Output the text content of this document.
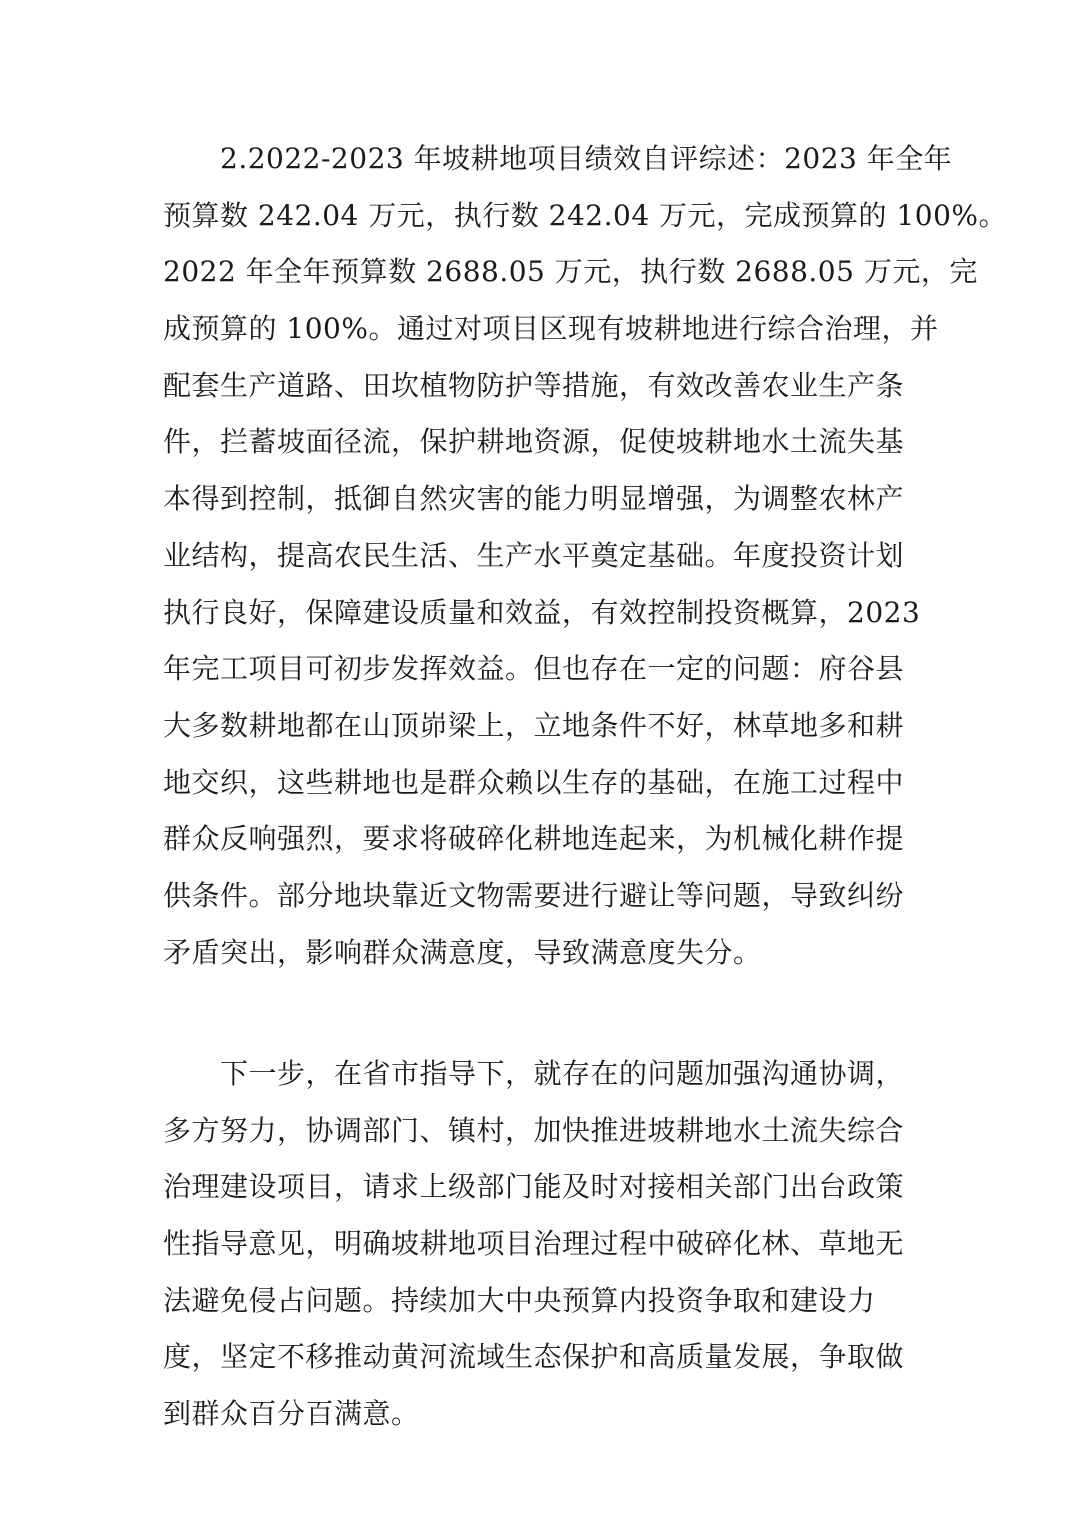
　　2.2022-2023 年坡耕地项目绩效自评综述：2023 年全年
预算数 242.04 万元，执行数 242.04 万元，完成预算的 100%。
2022 年全年预算数 2688.05 万元，执行数 2688.05 万元，完
成预算的 100%。通过对项目区现有坡耕地进行综合治理，并
配套生产道路、田坎植物防护等措施，有效改善农业生产条
件，拦蓄坡面径流，保护耕地资源，促使坡耕地水土流失基
本得到控制，抵御自然灾害的能力明显增强，为调整农林产
业结构，提高农民生活、生产水平奠定基础。年度投资计划
执行良好，保障建设质量和效益，有效控制投资概算，2023
年完工项目可初步发挥效益。但也存在一定的问题：府谷县
大多数耕地都在山顶峁梁上，立地条件不好，林草地多和耕
地交织，这些耕地也是群众赖以生存的基础，在施工过程中
群众反响强烈，要求将破碎化耕地连起来，为机械化耕作提
供条件。部分地块靠近文物需要进行避让等问题，导致纠纷
矛盾突出，影响群众满意度，导致满意度失分。
　　下一步，在省市指导下，就存在的问题加强沟通协调，
多方努力，协调部门、镇村，加快推进坡耕地水土流失综合
治理建设项目，请求上级部门能及时对接相关部门出台政策
性指导意见，明确坡耕地项目治理过程中破碎化林、草地无
法避免侵占问题。持续加大中央预算内投资争取和建设力
度，坚定不移推动黄河流域生态保护和高质量发展，争取做
到群众百分百满意。
